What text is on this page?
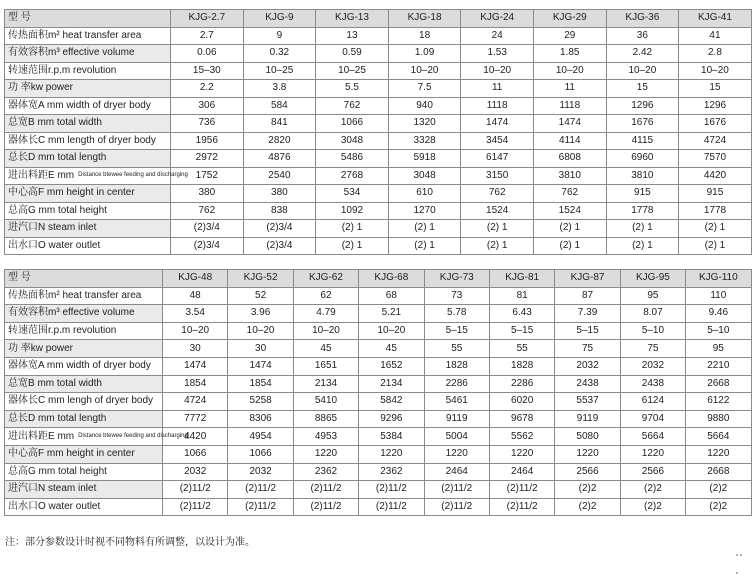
型 号	KJG-2.7	KJG-9	KJG-13	KJG-18	KJG-24	KJG-29	KJG-36	KJG-41
传热面积m² heat transfer area	2.7	9	13	18	24	29	36	41
有效容积m³ effective volume	0.06	0.32	0.59	1.09	1.53	1.85	2.42	2.8
转速范围r.p.m revolution	15–30	10–25	10–25	10–20	10–20	10–20	10–20	10–20
功 率kw power	2.2	3.8	5.5	7.5	11	11	15	15
器体宽A mm width of dryer body	306	584	762	940	1118	1118	1296	1296
总宽B mm total width	736	841	1066	1320	1474	1474	1676	1676
器体长C mm length of dryer body	1956	2820	3048	3328	3454	4114	4115	4724
总长D mm total length	2972	4876	5486	5918	6147	6808	6960	7570
进出料距E mm Distance btewee feeding and discharging	1752	2540	2768	3048	3150	3810	3810	4420
中心高F mm height in center	380	380	534	610	762	762	915	915
总高G mm total height	762	838	1092	1270	1524	1524	1778	1778
进汽口N steam inlet	(2)3/4	(2)3/4	(2) 1	(2) 1	(2) 1	(2) 1	(2) 1	(2) 1
出水口O water outlet	(2)3/4	(2)3/4	(2) 1	(2) 1	(2) 1	(2) 1	(2) 1	(2) 1
型 号	KJG-48	KJG-52	KJG-62	KJG-68	KJG-73	KJG-81	KJG-87	KJG-95	KJG-110
传热面积m² heat transfer area	48	52	62	68	73	81	87	95	110
有效容积m³ effective volume	3.54	3.96	4.79	5.21	5.78	6.43	7.39	8.07	9.46
转速范围r.p.m revolution	10–20	10–20	10–20	10–20	5–15	5–15	5–15	5–10	5–10
功 率kw power	30	30	45	45	55	55	75	75	95
器体宽A mm width of dryer body	1474	1474	1651	1652	1828	1828	2032	2032	2210
总宽B mm total width	1854	1854	2134	2134	2286	2286	2438	2438	2668
器体长C mm lengh of dryer body	4724	5258	5410	5842	5461	6020	5537	6124	6122
总长D mm total length	7772	8306	8865	9296	9119	9678	9119	9704	9880
进出料距E mm Distance btewee feeding and discharging	4420	4954	4953	5384	5004	5562	5080	5664	5664
中心高F mm height in center	1066	1066	1220	1220	1220	1220	1220	1220	1220
总高G mm total height	2032	2032	2362	2362	2464	2464	2566	2566	2668
进汽口N steam inlet	(2)11/2	(2)11/2	(2)11/2	(2)11/2	(2)11/2	(2)11/2	(2)2	(2)2	(2)2
出水口O water outlet	(2)11/2	(2)11/2	(2)11/2	(2)11/2	(2)11/2	(2)11/2	(2)2	(2)2	(2)2
注：部分参数设计时视不同物料有所调整，以设计为准。
